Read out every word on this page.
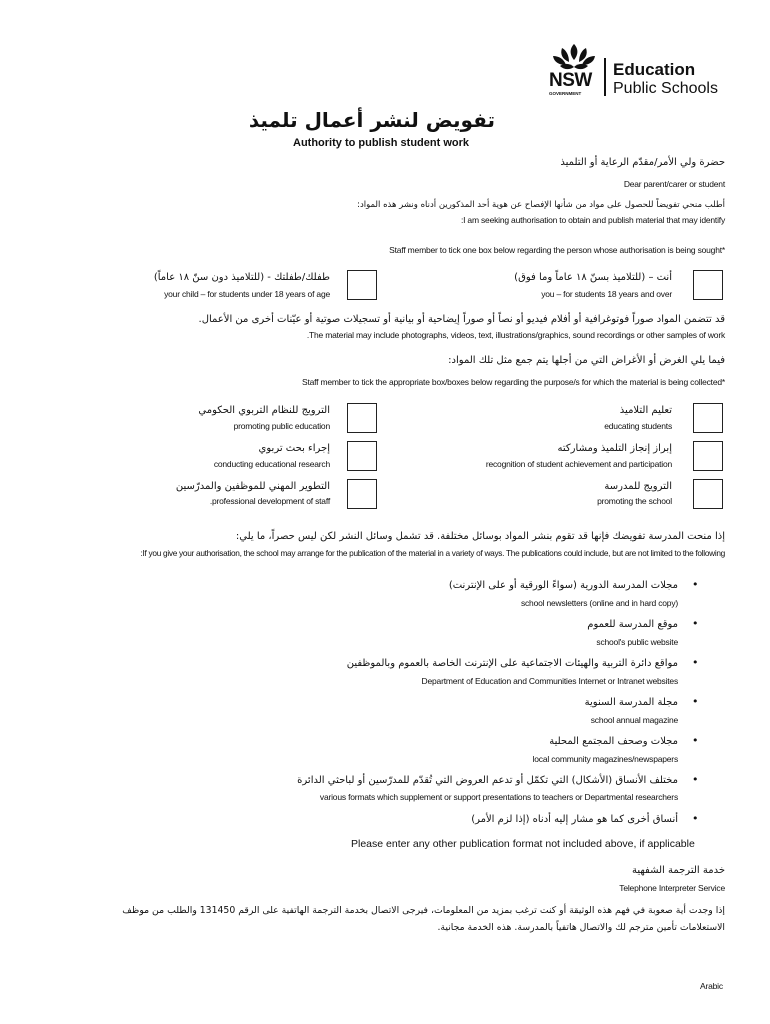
NSW
GOVERNMENT
Education
Public Schools
تفويض لنشر أعمال تلميذ
Authority to publish student work
حضرة ولي الأمر/مقدّم الرعاية أو التلميذ
Dear parent/carer or student
أطلب منحي تفويضاً للحصول على مواد من شأنها الإفصاح عن هوية أحد المذكورين أدناه ونشر هذه المواد:
I am seeking authorisation to obtain and publish material that may identify:
*Staff member to tick one box below regarding the person whose authorisation is being sought
أنت – (للتلاميذ بسنّ ١٨ عاماً وما فوق)
you – for students 18 years and over
طفلك/طفلتك - (للتلاميذ دون سنّ ١٨ عاماً)
your child – for students under 18 years of age
قد تتضمن المواد صوراً فوتوغرافية أو أفلام فيديو أو نصاً أو صوراً إيضاحية أو بيانية أو تسجيلات صوتية أو عيّنات أخرى من الأعمال.
The material may include photographs, videos, text, illustrations/graphics, sound recordings or other samples of work.
فيما يلي الغرض أو الأغراض التي من أجلها يتم جمع مثل تلك المواد:
*Staff member to tick the appropriate box/boxes below regarding the purpose/s for which the material is being collected
تعليم التلاميذ
educating students
الترويج للنظام التربوي الحكومي
promoting public education
إبراز إنجاز التلميذ ومشاركته
recognition of student achievement and participation
إجراء بحث تربوي
conducting educational research
الترويج للمدرسة
promoting the school
التطوير المهني للموظفين والمدرّسين
professional development of staff.
إذا منحت المدرسة تفويضك فإنها قد تقوم بنشر المواد بوسائل مختلفة. قد تشمل وسائل النشر لكن ليس حصراً، ما يلي:
If you give your authorisation, the school may arrange for the publication of the material in a variety of ways. The publications could include, but are not limited to the following:
•
مجلات المدرسة الدورية (سواءً الورقية أو على الإنترنت)
school newsletters (online and in hard copy)
•
موقع المدرسة للعموم
school's public website
•
مواقع دائرة التربية والهيئات الاجتماعية على الإنترنت الخاصة بالعموم وبالموظفين
Department of Education and Communities Internet or Intranet websites
•
مجلة المدرسة السنوية
school annual magazine
•
مجلات وصحف المجتمع المحلية
local community magazines/newspapers
•
مختلف الأنساق (الأشكال) التي تكمّل أو تدعم العروض التي تُقدّم للمدرّسين أو لباحثي الدائرة
various formats which supplement or support presentations to teachers or Departmental researchers
•
أنساق أخرى كما هو مشار إليه أدناه (إذا لزم الأمر)
Please enter any other publication format not included above, if applicable
خدمة الترجمة الشفهية
Telephone Interpreter Service
إذا وجدت أية صعوبة في فهم هذه الوثيقة أو كنت ترغب بمزيد من المعلومات، فيرجى الاتصال بخدمة الترجمة الهاتفية على الرقم 131450 والطلب من موظف
الاستعلامات تأمين مترجم لك والاتصال هاتفياً بالمدرسة. هذه الخدمة مجانية.
Arabic
